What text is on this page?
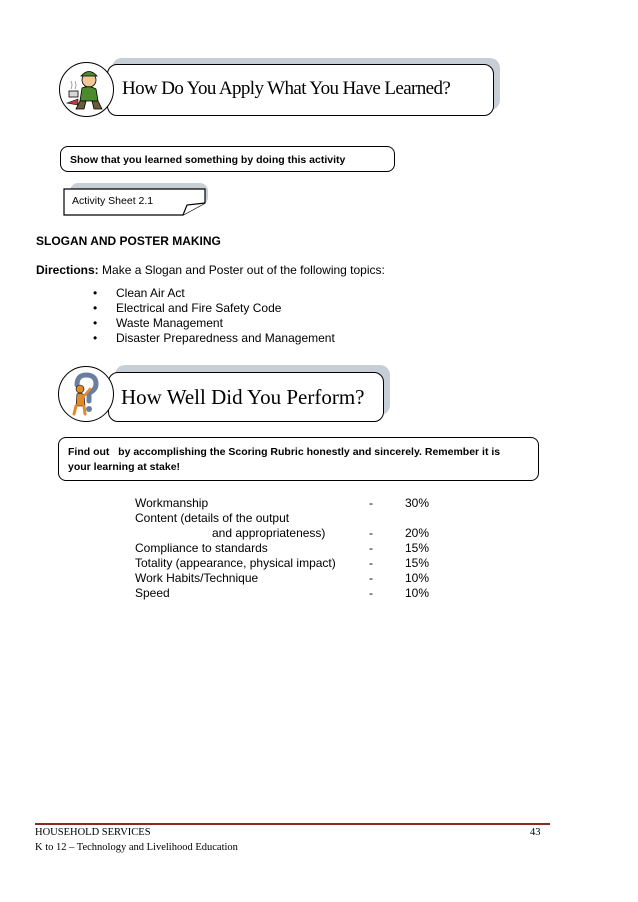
How Do You Apply What You Have Learned?
Show that you learned something by doing this activity
Activity Sheet 2.1
SLOGAN AND POSTER MAKING
Directions: Make a Slogan and Poster out of the following topics:
• Clean Air Act
• Electrical and Fire Safety Code
• Waste Management
• Disaster Preparedness and Management
How Well Did You Perform?
Find out   by accomplishing the Scoring Rubric honestly and sincerely. Remember it is
your learning at stake!
Workmanship	-	30%
Content (details of the output
and appropriateness)	-	20%
Compliance to standards	-	15%
Totality (appearance, physical impact)	-	15%
Work Habits/Technique	-	10%
Speed	-	10%
HOUSEHOLD SERVICES	43
K to 12 – Technology and Livelihood Education
